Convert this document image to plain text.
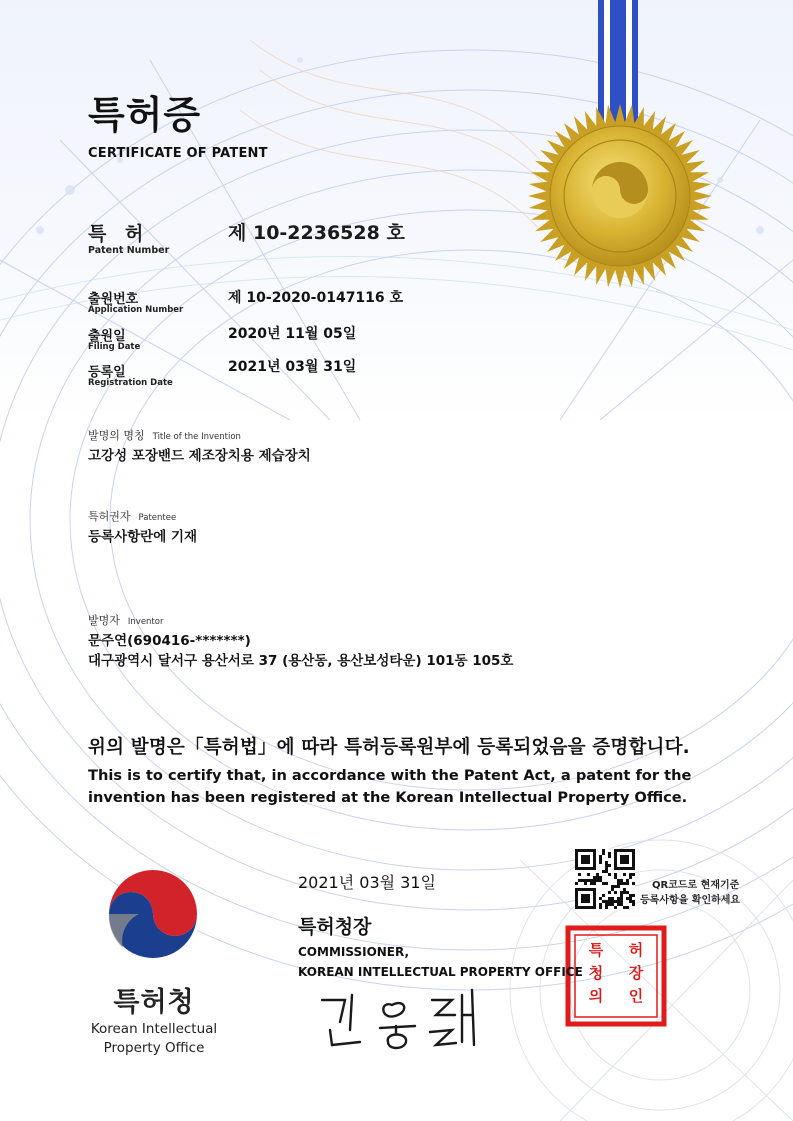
특허증
CERTIFICATE OF PATENT
특 허
Patent Number
제 10-2236528 호
출원번호
Application Number
제 10-2020-0147116 호
출원일
Filing Date
2020년 11월 05일
등록일
Registration Date
2021년 03월 31일
발명의 명칭 Title of the Invention
고강성 포장밴드 제조장치용 제습장치
특허권자 Patentee
등록사항란에 기재
발명자 Inventor
문주연(690416-*******)
대구광역시 달서구 용산서로 37 (용산동, 용산보성타운) 101동 105호
위의 발명은「특허법」에 따라 특허등록원부에 등록되었음을 증명합니다.
This is to certify that, in accordance with the Patent Act, a patent for the invention has been registered at the Korean Intellectual Property Office.
2021년 03월 31일
특허청장
COMMISSIONER,
KOREAN INTELLECTUAL PROPERTY OFFICE
QR코드로 현재기준
등록사항을 확인하세요
특 허
청 장
의 인
특허청
Korean Intellectual
Property Office
